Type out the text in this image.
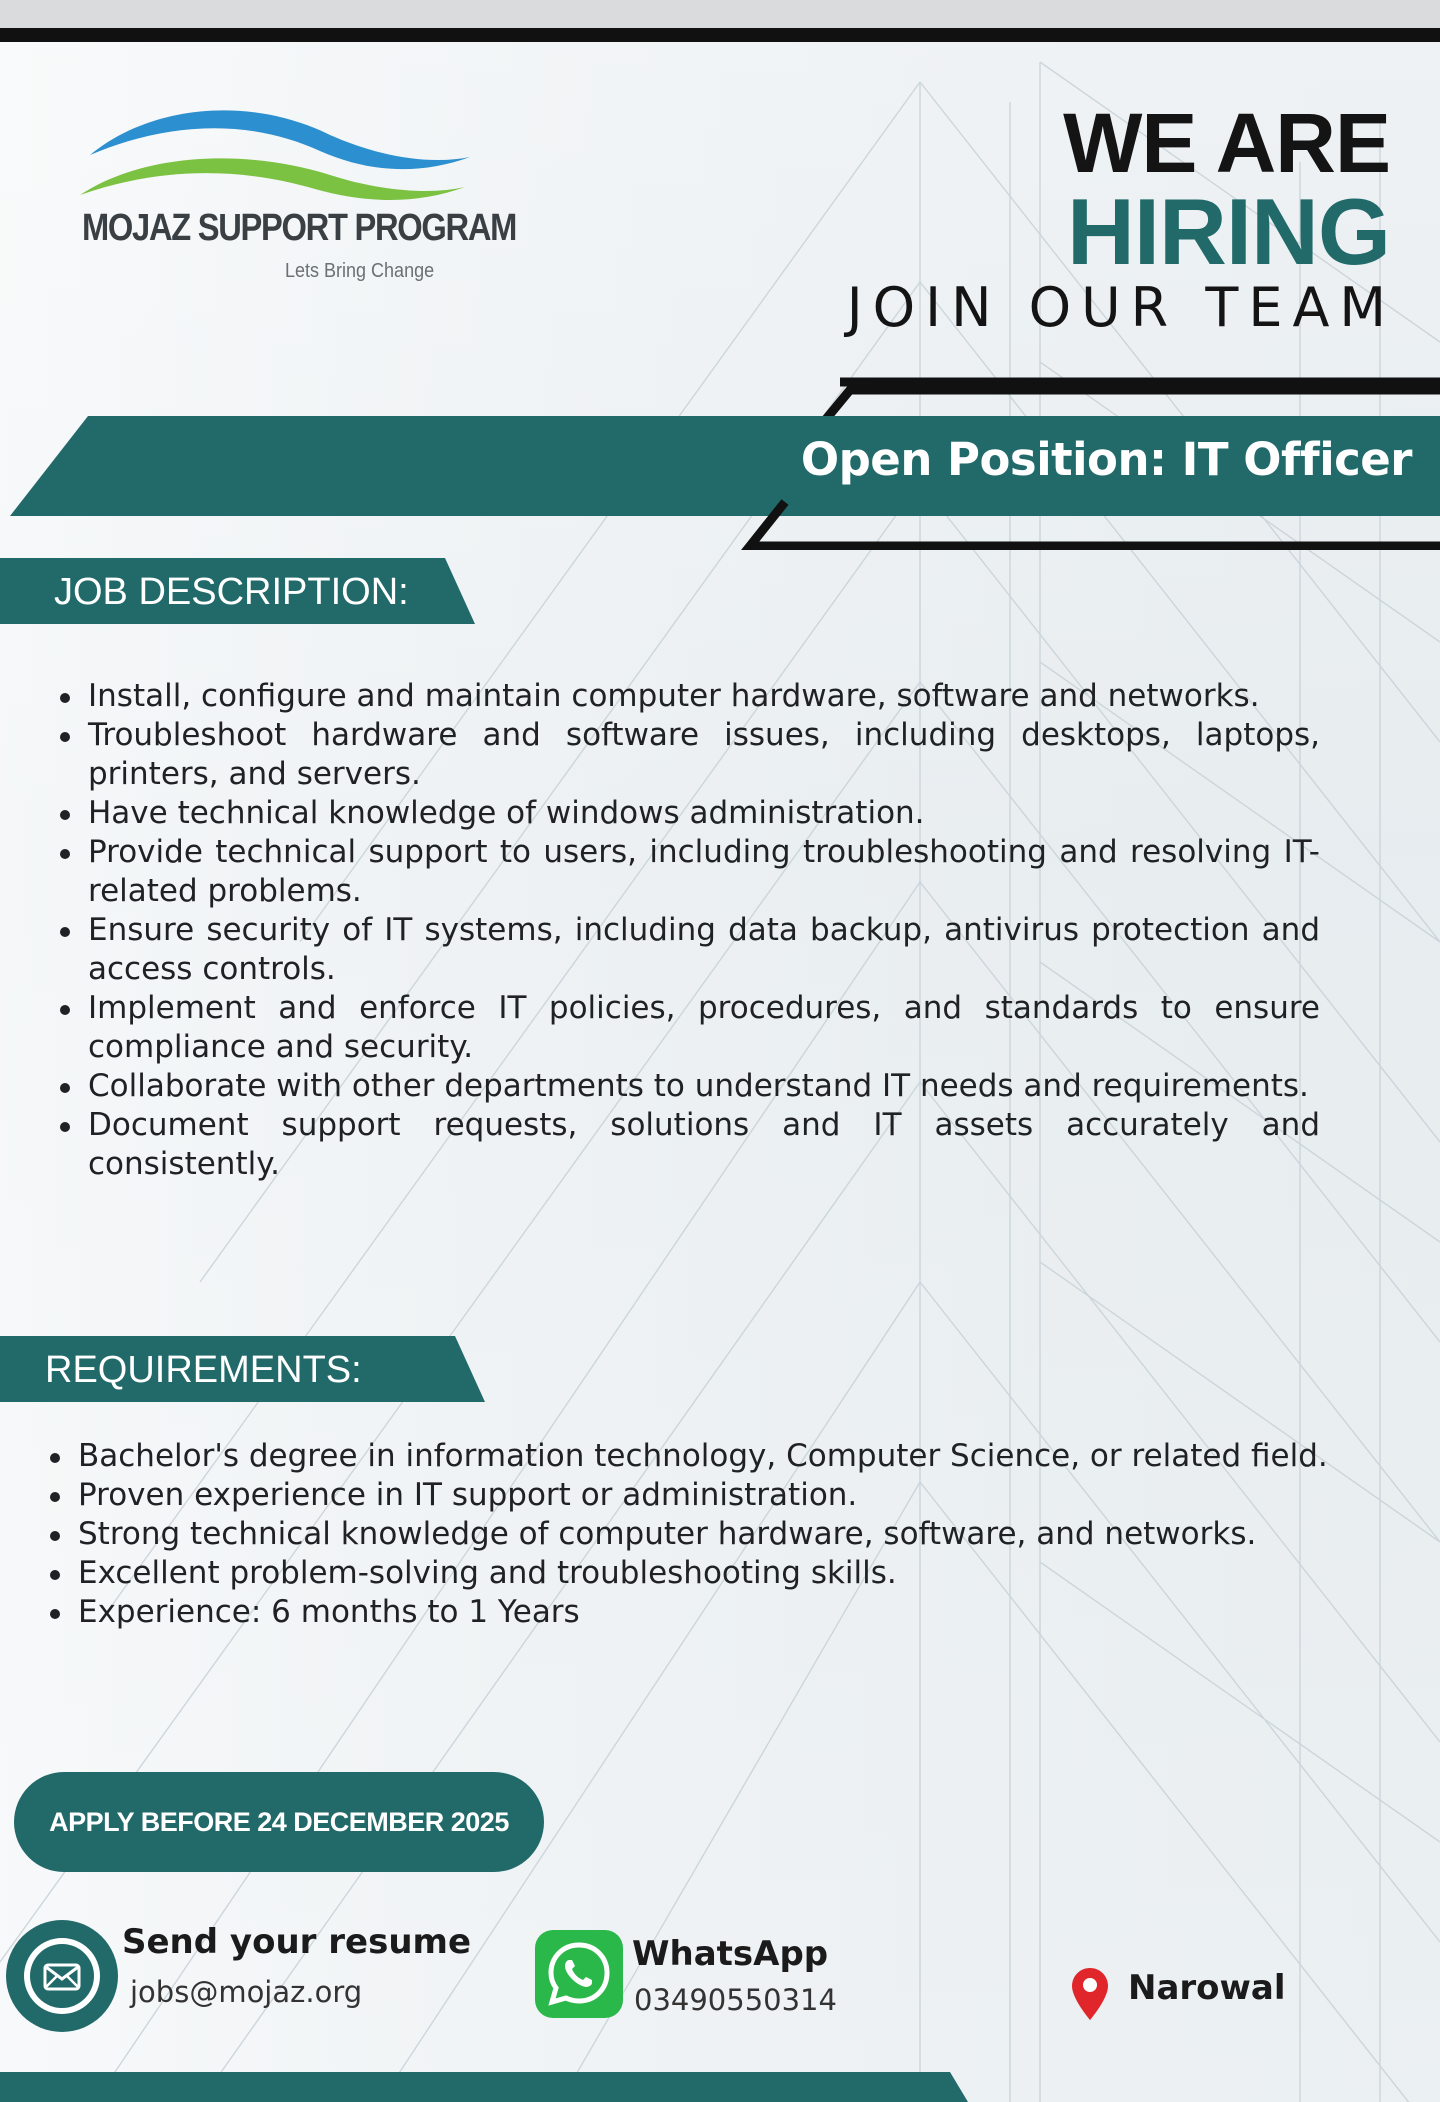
MOJAZ SUPPORT PROGRAM
Lets Bring Change
WE ARE
HIRING
JOIN OUR TEAM
Open Position: IT Officer
JOB DESCRIPTION:
Install, configure and maintain computer hardware, software and networks.
Troubleshoot hardware and software issues, including desktops, laptops, printers, and servers.
Have technical knowledge of windows administration.
Provide technical support to users, including troubleshooting and resolving IT-related problems.
Ensure security of IT systems, including data backup, antivirus protection and access controls.
Implement and enforce IT policies, procedures, and standards to ensure compliance and security.
Collaborate with other departments to understand IT needs and requirements.
Document support requests, solutions and IT assets accurately and consistently.
REQUIREMENTS:
Bachelor's degree in information technology, Computer Science, or related field.
Proven experience in IT support or administration.
Strong technical knowledge of computer hardware, software, and networks.
Excellent problem-solving and troubleshooting skills.
Experience: 6 months to 1 Years
APPLY BEFORE 24 DECEMBER 2025
Send your resume
jobs@mojaz.org
WhatsApp
03490550314	Narowal
